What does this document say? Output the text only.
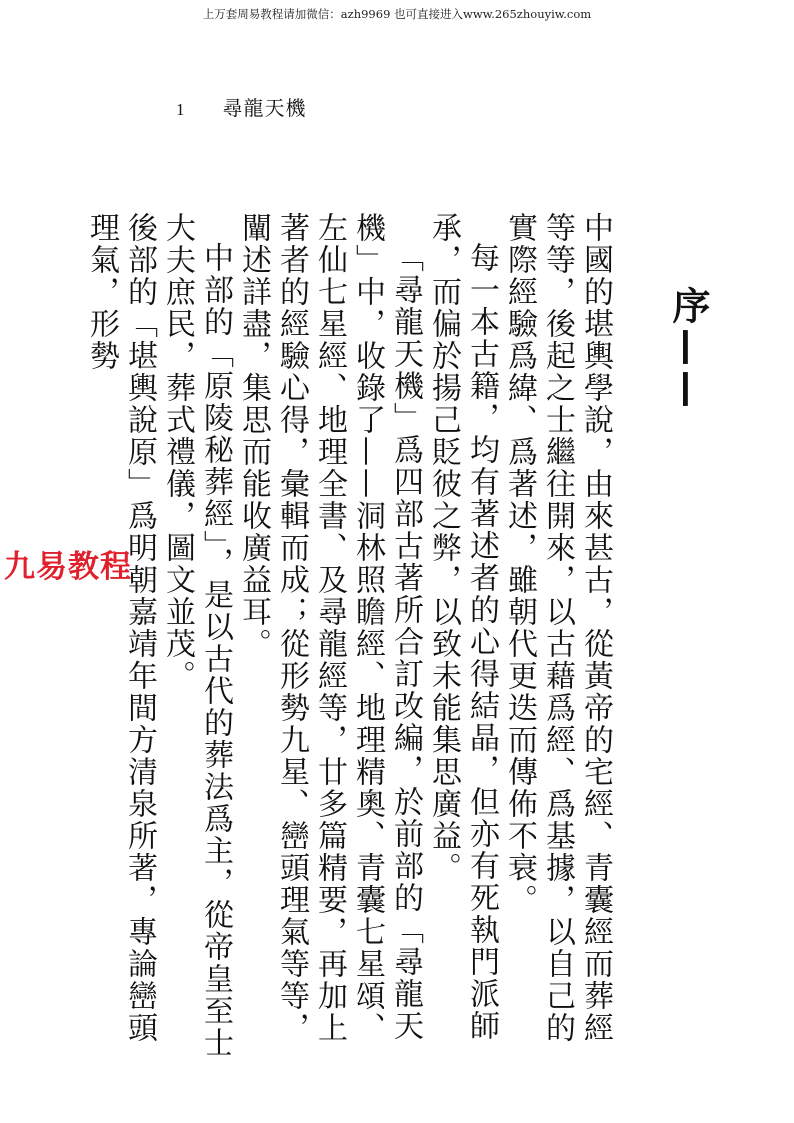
上万套周易教程请加微信：azh9969 也可直接进入www.265zhouyiw.com
1 尋龍天機
序——

中國的堪輿學說，由來甚古，從黃帝的宅經、青囊經而葬經等等，後起之士繼往開來，以古藉爲經、爲基據，以自己的實際經驗爲緯、爲著述，雖朝代更迭而傳佈不衰。

每一本古籍，均有著述者的心得結晶，但亦有死執門派師承，而偏於揚己貶彼之弊，以致未能集思廣益。

「尋龍天機」爲四部古著所合訂改編，於前部的「尋龍天機」中，收錄了——洞林照瞻經、地理精奧、青囊七星頌、左仙七星經、地理全書、及尋龍經等，廿多篇精要，再加上著者的經驗心得，彙輯而成；從形勢九星、巒頭理氣等等，闡述詳盡，集思而能收廣益耳。

中部的「原陵秘葬經」，是以古代的葬法爲主，從帝皇至士大夫庶民，葬式禮儀，圖文並茂。

後部的「堪輿說原」爲明朝嘉靖年間方清泉所著，專論巒頭理氣，形勢

九易教程
